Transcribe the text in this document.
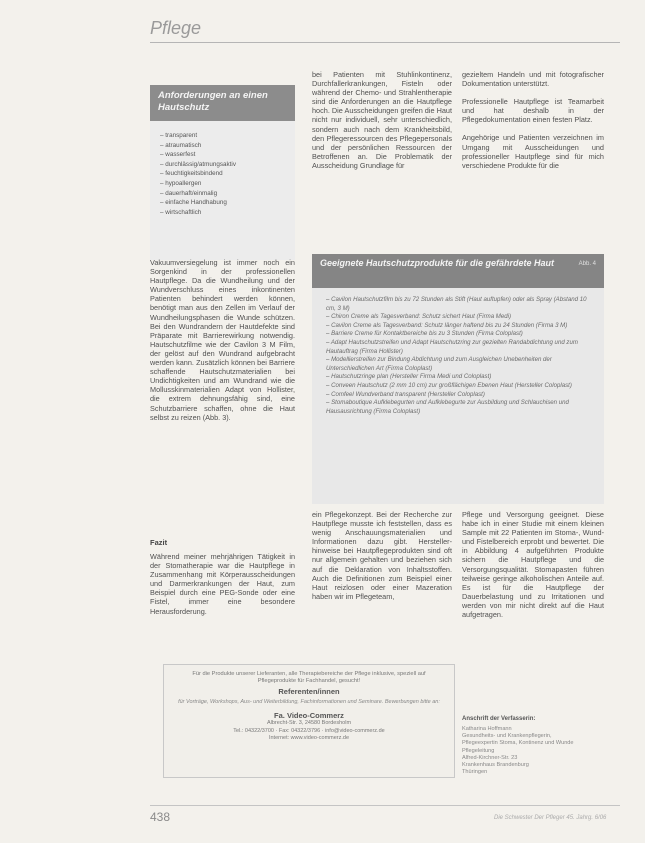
Pflege
Anforderungen an einen Hautschutz
– transparent
– atraumatisch
– wasserfest
– durchlässig/atmungsaktiv
– feuchtigkeitsbindend
– hypoallergen
– dauerhaft/einmalig
– einfache Handhabung
– wirtschaftlich

bei Patienten mit Stuhlinkontinenz, Durchfallerkrankungen, Fisteln oder während der Chemo- und Strahlentherapie sind die Anforderungen an die Hautpflege hoch. Die Ausscheidungen greifen die Haut nicht nur individuell, sehr unterschiedlich, sondern auch nach dem Krankheitsbild, den Pflegeressourcen des Pflegepersonals und der persönlichen Ressourcen der Betroffenen an. Die Problematik der Ausscheidung Grundlage für

gezieltem Handeln und mit fotografischer Dokumentation unterstützt.

Professionelle Hautpflege ist Teamarbeit und hat deshalb in der Pflegedokumentation einen festen Platz.

Angehörige und Patienten verzeichnen im Umgang mit Ausscheidungen und professioneller Hautpflege sind für mich verschiedene Produkte für die

Vakuumversiegelung ist immer noch ein Sorgenkind in der professionellen Hautpflege. Da die Wundheilung und der Wundverschluss eines inkontinenten Patienten behindert werden können, benötigt man aus den Zellen im Verlauf der Wundheilungsphasen die Wunde schützen. Bei den Wundrandern der Hautdefekte sind Präparate mit Barrierewirkung notwendig. Hautschutzfilme wie der Cavilon 3 M Film, der gelöst auf den Wundrand aufgebracht werden kann. Zusätzlich können bei Barriere schaffende Hautschutzmaterialien bei Undichtigkeiten und am Wundrand wie die Mollusskinmaterialien Adapt von Hollister, die extrem dehnungsfähig sind, eine Schutzbarriere schaffen, ohne die Haut selbst zu reizen (Abb. 3).

Geeignete Hautschutzprodukte für die gefährdete Haut	Abb. 4
– Cavilon Hautschutzfilm bis zu 72 Stunden als Stift (Haut auftupfen) oder als Spray (Abstand 10 cm, 3 M)
– Chiron Creme als Tagesverband: Schutz sichert Haut (Firma Medi)
– Cavilon Creme als Tagesverband: Schutz länger haftend bis zu 24 Stunden (Firma 3 M)
– Barriere Creme für Kontaktbereiche bis zu 3 Stunden (Firma Coloplast)
– Adapt Hautschutzstreifen und Adapt Hautschutzring zur gezielten Randabdichtung und zum Hautauftrag (Firma Hollister)
– Modellierstreifen zur Bindung Abdichtung und zum Ausgleichen Unebenheiten der Unterschiedlichen Art (Firma Coloplast)
– Hautschutzringe plan (Hersteller Firma Medi und Coloplast)
– Conveen Hautschutz (2 mm 10 cm) zur großflächigen Ebenen Haut (Hersteller Coloplast)
– Comfeel Wundverband transparent (Hersteller Coloplast)
– Stomaboutique Aufklebegurten und Aufklebegurte zur Ausbildung und Schlauchisen und Hausausrichtung (Firma Coloplast)
Fazit

Während meiner mehrjährigen Tätigkeit in der Stomatherapie war die Hautpflege in Zusammenhang mit Körperausscheidungen und Darmerkrankungen der Haut, zum Beispiel durch eine PEG-Sonde oder eine Fistel, immer eine besondere Herausforderung.

ein Pflegekonzept. Bei der Recherche zur Hautpflege musste ich feststellen, dass es wenig Anschauungsmaterialien und Informationen dazu gibt. Hersteller-hinweise bei Hautpflegeprodukten sind oft nur allgemein gehalten und beziehen sich auf die Deklaration von Inhaltsstoffen. Auch die Definitionen zum Beispiel einer Haut reizlosen oder einer Mazeration haben wir im Pflegeteam,

Pflege und Versorgung geeignet. Diese habe ich in einer Studie mit einem kleinen Sample mit 22 Patienten im Stoma-, Wund- und Fistelbereich erprobt und bewertet. Die in Abbildung 4 aufgeführten Produkte sichern die Hautpflege und die Versorgungsqualität. Stomapasten führen teilweise geringe alkoholischen Anteile auf. Es ist für die Hautpflege der Dauerbelastung und zu Irritationen und werden von mir nicht direkt auf die Haut aufgetragen.

Für die Produkte unserer Lieferanten, alle Therapiebereiche der Pflege inklusive, speziell auf Pflegeprodukte für Fachhandel, gesucht!

Referenten/innen

für Vorträge, Workshops, Aus- und Weiterbildung, Fachinformationen und Seminare. Bewerbungen bitte an:

Fa. Video-Commerz

Albrecht-Str. 3, 24580 Bordesholm

Tel.: 04322/3700 · Fax: 04322/3796 · info@video-commerz.de

Internet: www.video-commerz.de

Anschrift der Verfasserin:

Katharina Hoffmann

Gesundheits- und Krankenpflegerin,

Pflegeexpertin Stoma, Kontinenz und Wunde

Pflegeleitung

Alfred-Kirchner-Str. 23

Krankenhaus Brandenburg

Thüringen

438	Die Schwester Der Pfleger 45. Jahrg. 6/06
